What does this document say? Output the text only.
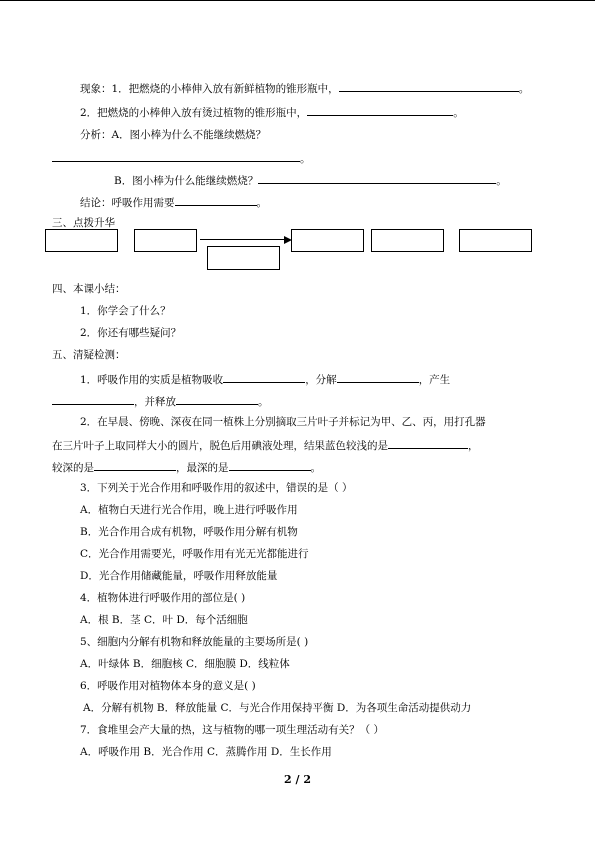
现象：1．把燃烧的小棒伸入放有新鲜植物的锥形瓶中，	。
2．把燃烧的小棒伸入放有烫过植物的锥形瓶中，	。
分析：A．图小棒为什么不能继续燃烧？
。
B．图小棒为什么能继续燃烧？	。
结论：呼吸作用需要	。
三、点拨升华
四、本课小结：
1．你学会了什么？
2．你还有哪些疑问？
五、清疑检测：
1．呼吸作用的实质是植物吸收	，分解	，产生
，并释放	。
2．在早晨、傍晚、深夜在同一植株上分别摘取三片叶子并标记为甲、乙、丙，用打孔器
在三片叶子上取同样大小的圆片，脱色后用碘液处理，结果蓝色较浅的是	，
较深的是	，最深的是	。
3．下列关于光合作用和呼吸作用的叙述中，错误的是（ ）
A．植物白天进行光合作用，晚上进行呼吸作用
B．光合作用合成有机物，呼吸作用分解有机物
C．光合作用需要光，呼吸作用有光无光都能进行
D．光合作用储藏能量，呼吸作用释放能量
4．植物体进行呼吸作用的部位是( )
A．根 B．茎 C．叶 D．每个活细胞
5、细胞内分解有机物和释放能量的主要场所是( )
A．叶绿体 B．细胞核 C．细胞膜 D．线粒体
6．呼吸作用对植物体本身的意义是( )
A．分解有机物 B．释放能量 C．与光合作用保持平衡 D．为各项生命活动提供动力
7．食堆里会产大量的热，这与植物的哪一项生理活动有关？（ ）
A．呼吸作用 B．光合作用 C．蒸腾作用 D．生长作用
2 / 2
